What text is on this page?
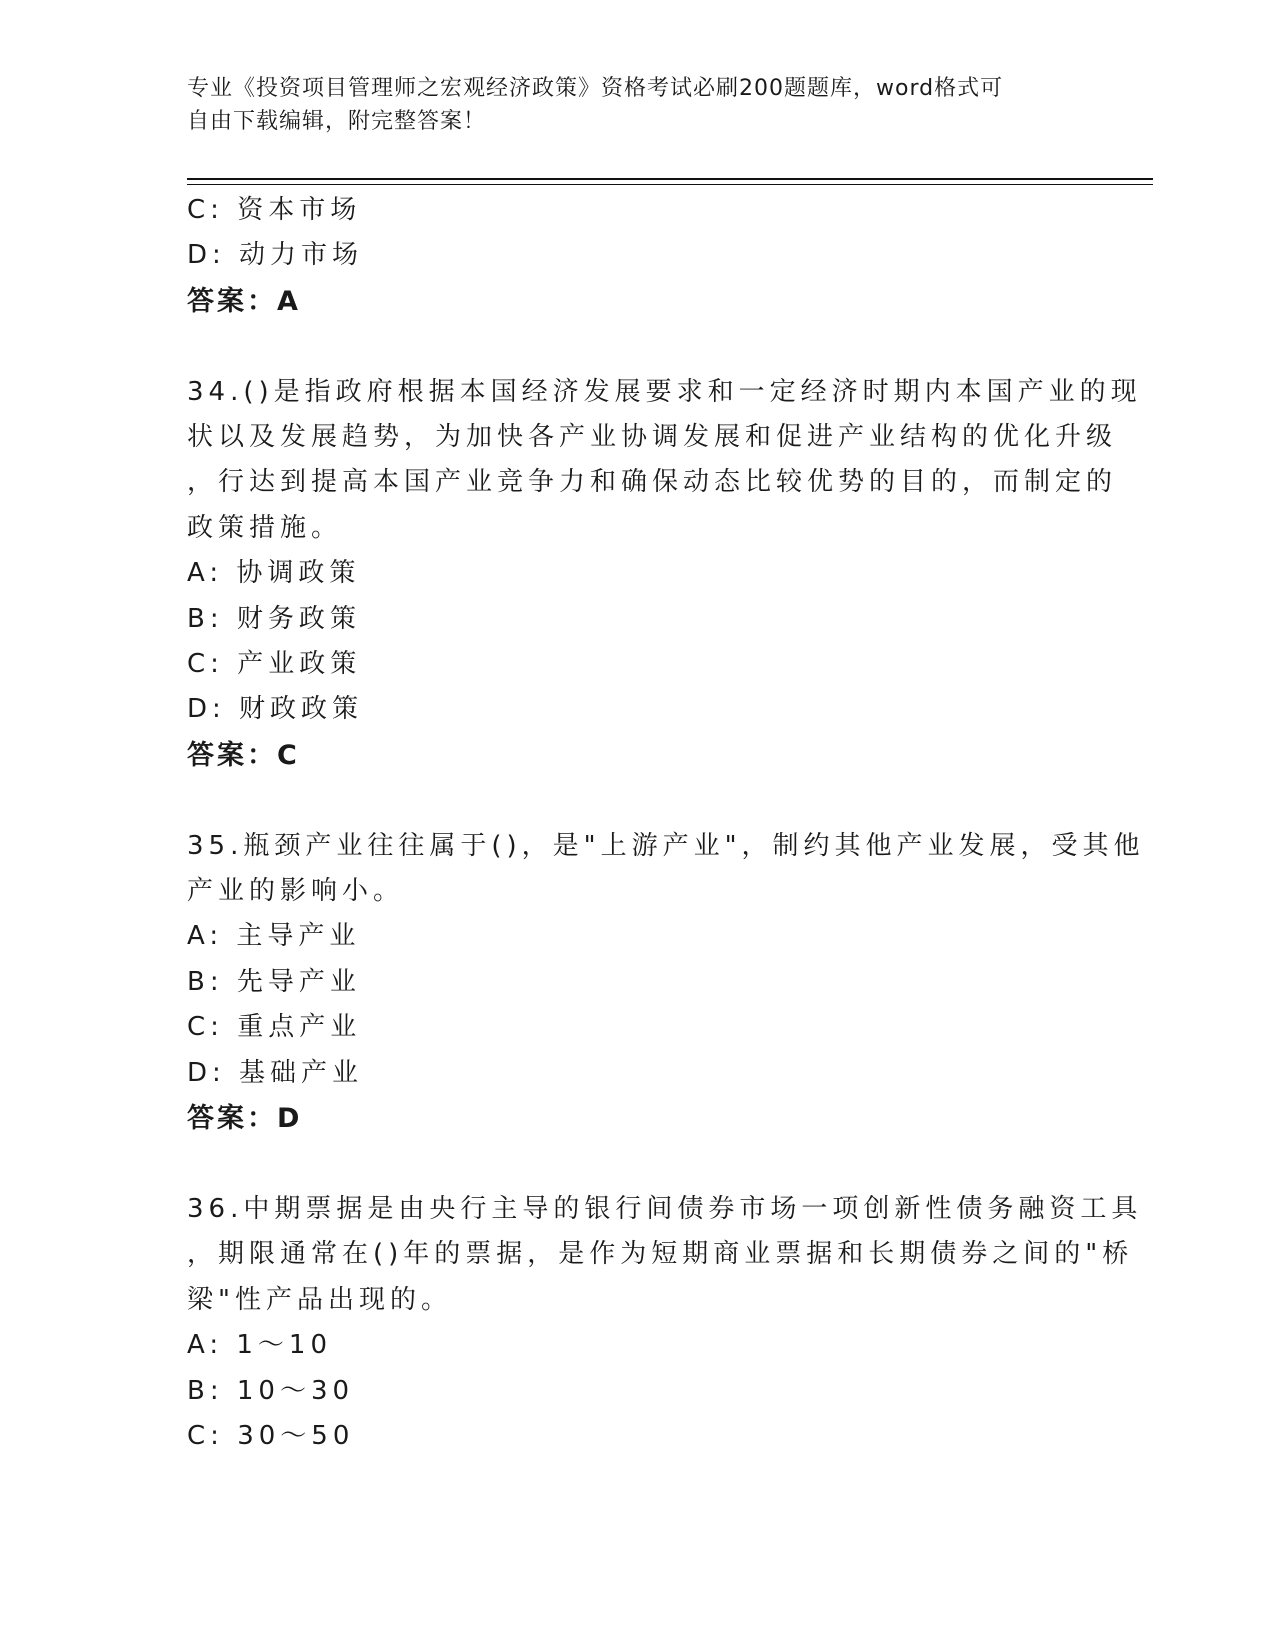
专业《投资项目管理师之宏观经济政策》资格考试必刷200题题库，word格式可
自由下载编辑，附完整答案！
C: 资本市场
D: 动力市场
答案：A
34.()是指政府根据本国经济发展要求和一定经济时期内本国产业的现
状以及发展趋势，为加快各产业协调发展和促进产业结构的优化升级
，行达到提高本国产业竞争力和确保动态比较优势的目的，而制定的
政策措施。
A: 协调政策
B: 财务政策
C: 产业政策
D: 财政政策
答案：C
35.瓶颈产业往往属于()，是"上游产业"，制约其他产业发展，受其他
产业的影响小。
A: 主导产业
B: 先导产业
C: 重点产业
D: 基础产业
答案：D
36.中期票据是由央行主导的银行间债券市场一项创新性债务融资工具
，期限通常在()年的票据，是作为短期商业票据和长期债券之间的"桥
梁"性产品出现的。
A: 1～10
B: 10～30
C: 30～50
